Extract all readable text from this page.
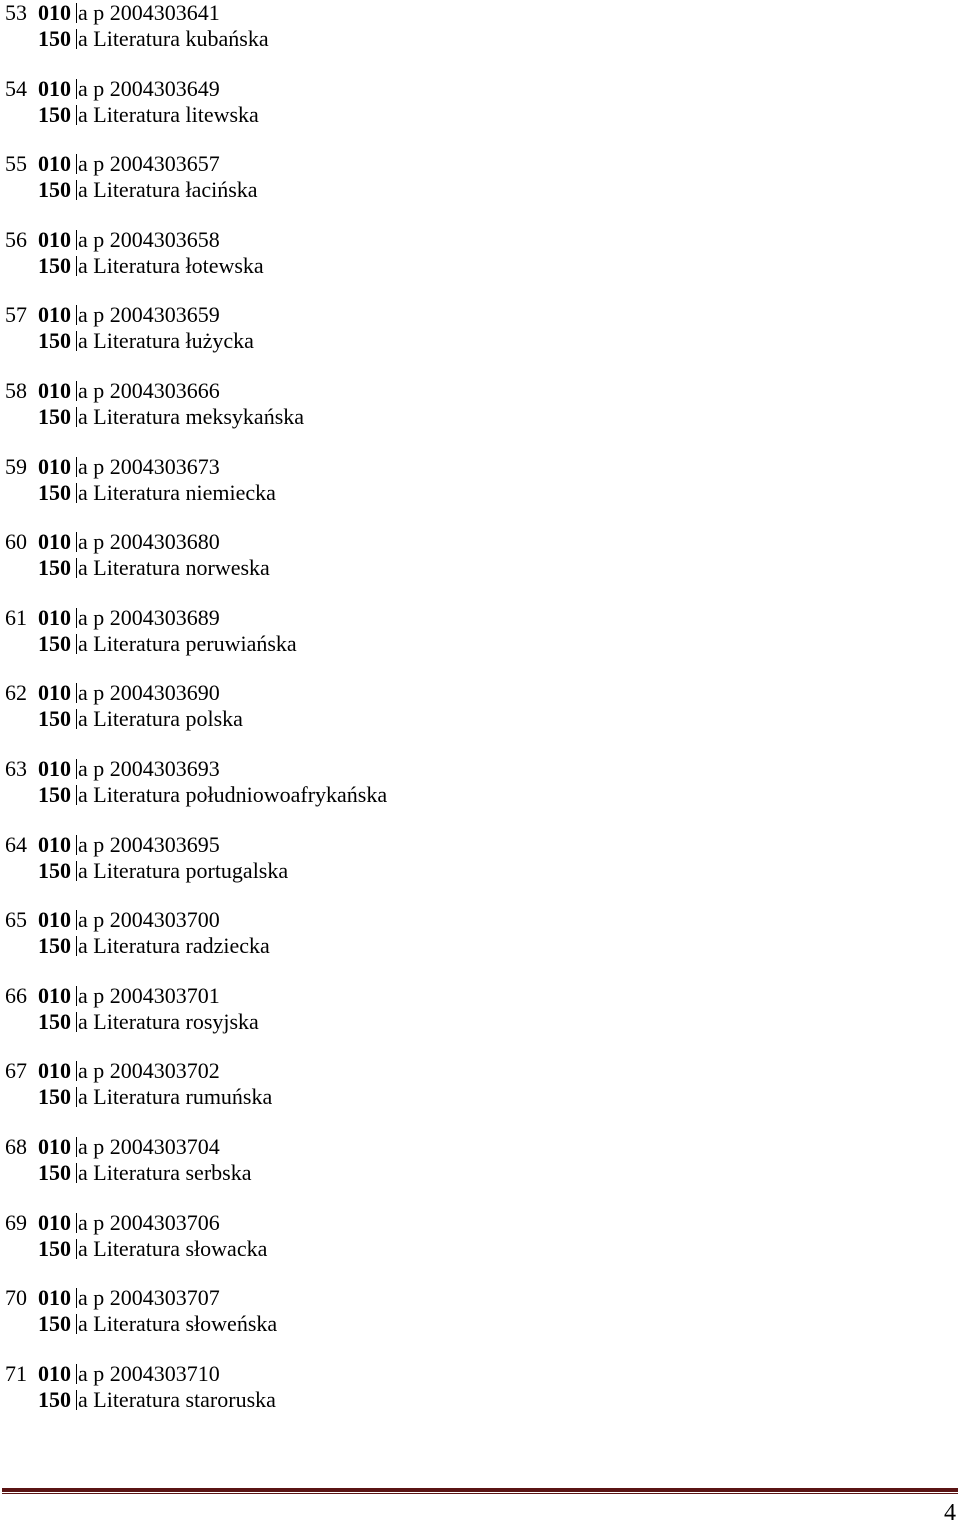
53 010 a p 2004303641
150 a Literatura kubańska
54 010 a p 2004303649
150 a Literatura litewska
55 010 a p 2004303657
150 a Literatura łacińska
56 010 a p 2004303658
150 a Literatura łotewska
57 010 a p 2004303659
150 a Literatura łużycka
58 010 a p 2004303666
150 a Literatura meksykańska
59 010 a p 2004303673
150 a Literatura niemiecka
60 010 a p 2004303680
150 a Literatura norweska
61 010 a p 2004303689
150 a Literatura peruwiańska
62 010 a p 2004303690
150 a Literatura polska
63 010 a p 2004303693
150 a Literatura południowoafrykańska
64 010 a p 2004303695
150 a Literatura portugalska
65 010 a p 2004303700
150 a Literatura radziecka
66 010 a p 2004303701
150 a Literatura rosyjska
67 010 a p 2004303702
150 a Literatura rumuńska
68 010 a p 2004303704
150 a Literatura serbska
69 010 a p 2004303706
150 a Literatura słowacka
70 010 a p 2004303707
150 a Literatura słoweńska
71 010 a p 2004303710
150 a Literatura staroruska
4
